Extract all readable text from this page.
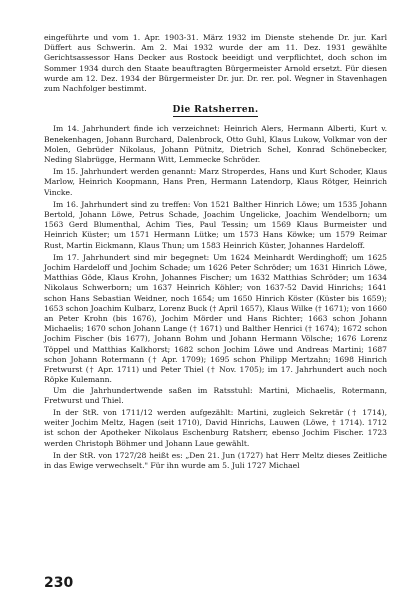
eingeführte und vom 1. Apr. 1903-31. März 1932 im Dienste stehende Dr. jur. Karl Düffert aus Schwerin. Am 2. Mai 1932 wurde der am 11. Dez. 1931 gewählte Gerichtsassessor Hans Decker aus Rostock beeidigt und verpflichtet, doch schon im Sommer 1934 durch den Staate beauftragten Bürgermeister Arnold ersetzt. Für diesen wurde am 12. Dez. 1934 der Bürgermeister Dr. jur. Dr. rer. pol. Wegner in Stavenhagen zum Nachfolger bestimmt.

Die Ratsherren.

Im 14. Jahrhundert finde ich verzeichnet: Heinrich Alers, Hermann Alberti, Kurt v. Benekenhagen, Johann Burchard, Dalenbrock, Otto Guhl, Klaus Lukow, Volkmar von der Molen, Gebrüder Nikolaus, Johann Pütnitz, Dietrich Schel, Konrad Schönebecker, Neding Slabrügge, Hermann Witt, Lemmecke Schröder.

Im 15. Jahrhundert werden genannt: Marz Stroperdes, Hans und Kurt Schoder, Klaus Marlow, Heinrich Koopmann, Hans Pren, Hermann Latendorp, Klaus Rötger, Heinrich Vincke.

Im 16. Jahrhundert sind zu treffen: Von 1521 Balther Hinrich Löwe; um 1535 Johann Bertold, Johann Löwe, Petrus Schade, Joachim Ungelicke, Joachim Wendelborn; um 1563 Gerd Blumenthal, Achim Ties, Paul Tessin; um 1569 Klaus Burmeister und Heinrich Küster; um 1571 Hermann Lütke; um 1573 Hans Köwke; um 1579 Reimar Rust, Martin Eickmann, Klaus Thun; um 1583 Heinrich Küster, Johannes Hardeloff.

Im 17. Jahrhundert sind mir begegnet: Um 1624 Meinhardt Werdinghoff; um 1625 Jochim Hardeloff und Jochim Schade; um 1626 Peter Schröder; um 1631 Hinrich Löwe, Matthias Göde, Klaus Krohn, Johannes Fischer; um 1632 Matthias Schröder; um 1634 Nikolaus Schwerborn; um 1637 Heinrich Köhler; von 1637-52 David Hinrichs; 1641 schon Hans Sebastian Weidner, noch 1654; um 1650 Hinrich Köster (Küster bis 1659); 1653 schon Joachim Kulbarz, Lorenz Buck († April 1657), Klaus Wilke († 1671); von 1660 an Peter Krohn (bis 1676), Jochim Mörder und Hans Richter; 1663 schon Johann Michaelis; 1670 schon Johann Lange († 1671) und Balther Henrici († 1674); 1672 schon Jochim Fischer (bis 1677), Johann Bohm und Johann Hermann Völsche; 1676 Lorenz Töppel und Matthias Kalkhorst; 1682 schon Jochim Löwe und Andreas Martini; 1687 schon Johann Rotermann († Apr. 1709); 1695 schon Philipp Mertzahn; 1698 Hinrich Fretwurst († Apr. 1711) und Peter Thiel († Nov. 1705); im 17. Jahrhundert auch noch Röpke Kulemann.

Um die Jahrhundertwende saßen im Ratsstuhl: Martini, Michaelis, Rotermann, Fretwurst und Thiel.

In der StR. von 1711/12 werden aufgezählt: Martini, zugleich Sekretär († 1714), weiter Jochim Meltz, Hagen (seit 1710), David Hinrichs, Lauwen (Löwe, † 1714). 1712 ist schon der Apotheker Nikolaus Eschenburg Ratsherr, ebenso Jochim Fischer. 1723 werden Christoph Böhmer und Johann Laue gewählt.

In der StR. von 1727/28 heißt es: „Den 21. Jun (1727) hat Herr Meltz dieses Zeitliche in das Ewige verwechselt." Für ihn wurde am 5. Juli 1727 Michael

230
